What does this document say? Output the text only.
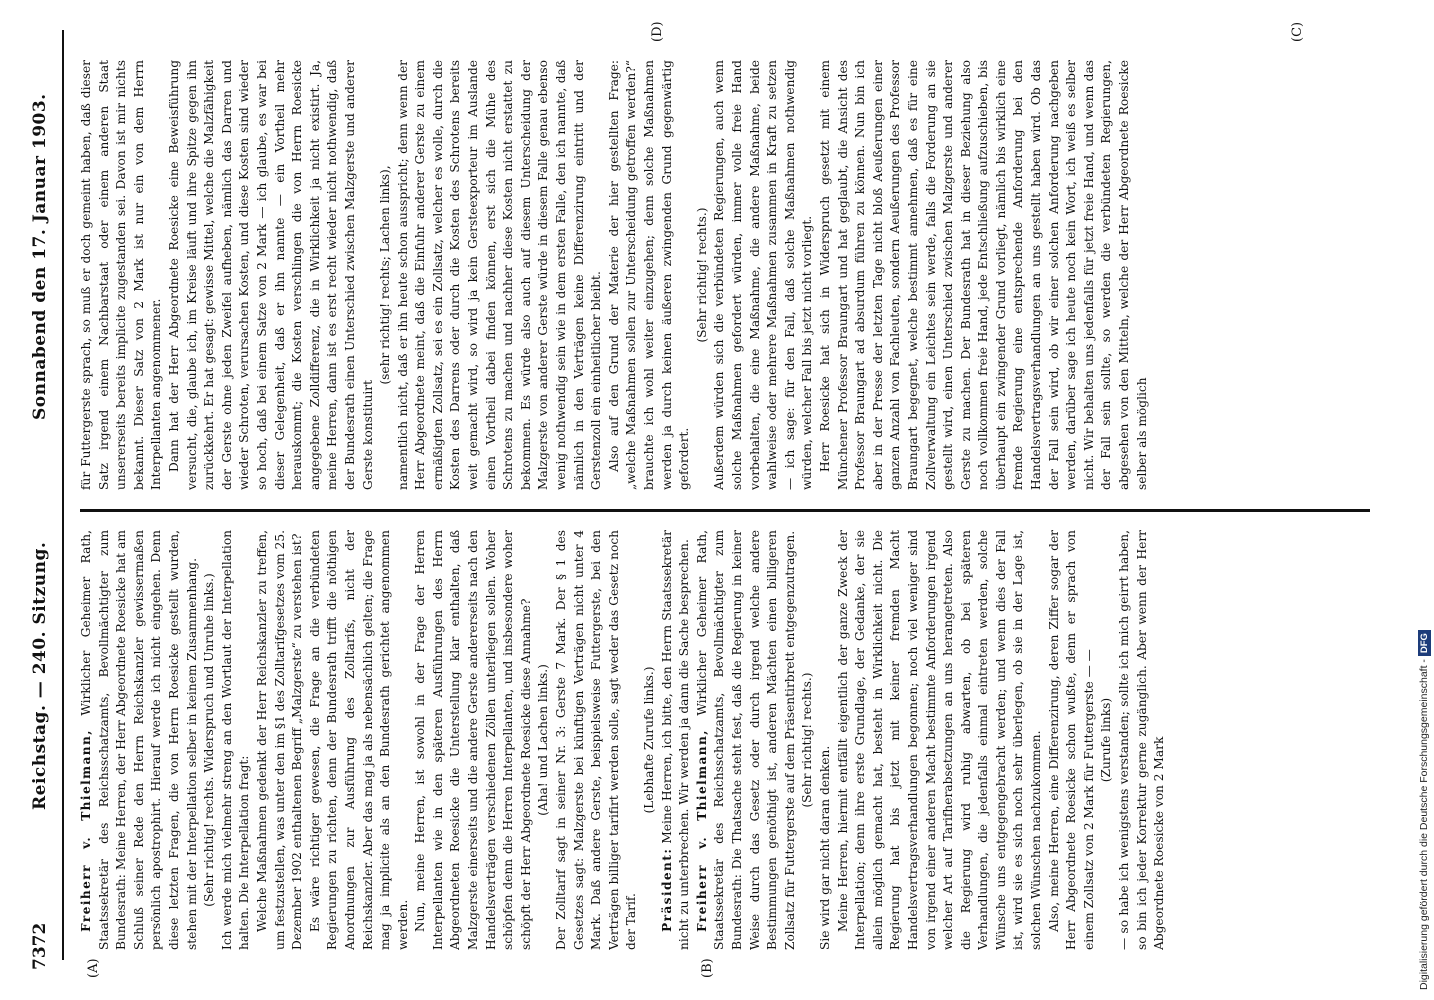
7372
Reichstag. — 240. Sitzung.
Sonnabend den 17. Januar 1903.
(A)	(B)
(C)
(D)

Freiherr v. Thielmann, Wirklicher Geheimer Rath, Staatssekretär des Reichsschatzamts, Bevollmächtigter zum Bundesrath: Meine Herren, der Herr Abgeordnete Roesicke hat am Schluß seiner Rede den Herrn Reichskanzler gewissermaßen persönlich apostrophirt. Hierauf werde ich nicht eingehen. Denn diese letzten Fragen, die von Herrn Roesicke gestellt wurden, stehen mit der Interpellation selber in keinem Zusammenhang. (Sehr richtig! rechts. Widerspruch und Unruhe links.) Ich werde mich vielmehr streng an den Wortlaut der Interpellation halten. Die Interpellation fragt: Welche Maßnahmen gedenkt der Herr Reichskanzler zu treffen, um festzustellen, was unter den im §1 des Zolltarifgesetzes vom 25. Dezember 1902 enthaltenen Begriff „Malzgerste“ zu verstehen ist? Es wäre richtiger gewesen, die Frage an die verbündeten Regierungen zu richten, denn der Bundesrath trifft die nöthigen Anordnungen zur Ausführung des Zolltarifs, nicht der Reichskanzler. Aber das mag ja als nebensächlich gelten; die Frage mag ja implicite als an den Bundesrath gerichtet angenommen werden. Nun, meine Herren, ist sowohl in der Frage der Herren Interpellanten wie in den späteren Ausführungen des Herrn Abgeordneten Roesicke die Unterstellung klar enthalten, daß Malzgerste einerseits und die andere Gerste andererseits nach den Handelsverträgen verschiedenen Zöllen unterliegen sollen. Woher schöpfen denn die Herren Interpellanten, und insbesondere woher schöpft der Herr Abgeordnete Roesicke diese Annahme? (Aha! und Lachen links.) Der Zolltarif sagt in seiner Nr. 3: Gerste 7 Mark. Der § 1 des Gesetzes sagt: Malzgerste bei künftigen Verträgen nicht unter 4 Mark. Daß andere Gerste, beispielsweise Futtergerste, bei den Verträgen billiger tarifirt werden solle, sagt weder das Gesetz noch der Tarif.

(Lebhafte Zurufe links.)

Präsident: Meine Herren, ich bitte, den Herrn Staatssekretär nicht zu unterbrechen. Wir werden ja dann die Sache besprechen. Freiherr v. Thielmann, Wirklicher Geheimer Rath, Staatssekretär des Reichsschatzamts, Bevollmächtigter zum Bundesrath: Die Thatsache steht fest, daß die Regierung in keiner Weise durch das Gesetz oder durch irgend welche andere Bestimmungen genöthigt ist, anderen Mächten einen billigeren Zollsatz für Futtergerste auf dem Präsentirbrett entgegenzutragen. (Sehr richtig! rechts.)

Sie wird gar nicht daran denken. Meine Herren, hiermit entfällt eigentlich der ganze Zweck der Interpellation; denn ihre erste Grundlage, der Gedanke, der sie allein möglich gemacht hat, besteht in Wirklichkeit nicht. Die Regierung hat bis jetzt mit keiner fremden Macht Handelsvertragsverhandlungen begonnen; noch viel weniger sind von irgend einer anderen Macht bestimmte Anforderungen irgend welcher Art auf Tarifherabsetzungen an uns herangetreten. Also die Regierung wird ruhig abwarten, ob bei späteren Verhandlungen, die jedenfalls einmal eintreten werden, solche Wünsche uns entgegengebracht werden; und wenn dies der Fall ist, wird sie es sich noch sehr überlegen, ob sie in der Lage ist, solchen Wünschen nachzukommen. Also, meine Herren, eine Differenzirung, deren Ziffer sogar der Herr Abgeordnete Roesicke schon wußte, denn er sprach von einem Zollsatz von 2 Mark für Futtergerste — — (Zurufe links) — so habe ich wenigstens verstanden; sollte ich mich geirrt haben, so bin ich jeder Korrektur gerne zugänglich. Aber wenn der Herr Abgeordnete Roesicke von 2 Mark

für Futtergerste sprach, so muß er doch gemeint haben, daß dieser Satz irgend einem Nachbarstaat oder einem anderen Staat unsererseits bereits implicite zugestanden sei. Davon ist mir nichts bekannt. Dieser Satz von 2 Mark ist nur ein von dem Herrn Interpellanten angenommener. Dann hat der Herr Abgeordnete Roesicke eine Beweisführung versucht, die, glaube ich, im Kreise läuft und ihre Spitze gegen ihn zurückkehrt. Er hat gesagt: gewisse Mittel, welche die Malzfähigkeit der Gerste ohne jeden Zweifel aufheben, nämlich das Darren und wieder Schroten, verursachen Kosten, und diese Kosten sind wieder so hoch, daß bei einem Satze von 2 Mark — ich glaube, es war bei dieser Gelegenheit, daß er ihn nannte — ein Vortheil mehr herauskommt; die Kosten verschlingen die von Herrn Roesicke angegebene Zolldifferenz, die in Wirklichkeit ja nicht existirt. Ja, meine Herren, dann ist es erst recht wieder nicht nothwendig, daß der Bundesrath einen Unterschied zwischen Malzgerste und anderer Gerste konstituirt

(sehr richtig! rechts; Lachen links), namentlich nicht, daß er ihn heute schon ausspricht; denn wenn der Herr Abgeordnete meint, daß die Einfuhr anderer Gerste zu einem ermäßigten Zollsatz, sei es ein Zollsatz, welcher es wolle, durch die Kosten des Darrens oder durch die Kosten des Schrotens bereits weit gemacht wird, so wird ja kein Gersteexporteur im Auslande einen Vortheil dabei finden können, erst sich die Mühe des Schrotens zu machen und nachher diese Kosten nicht erstattet zu bekommen. Es würde also auch auf diesem Unterscheidung der Malzgerste von anderer Gerste würde in diesem Falle genau ebenso wenig nothwendig sein wie in dem ersten Falle, den ich nannte, daß nämlich in den Verträgen keine Differenzirung eintritt und der Gerstenzoll ein einheitlicher bleibt. Also auf den Grund der Materie der hier gestellten Frage: „welche Maßnahmen sollen zur Unterscheidung getroffen werden?“ brauchte ich wohl weiter einzugehen; denn solche Maßnahmen werden ja durch keinen äußeren zwingenden Grund gegenwärtig gefordert.

(Sehr richtig! rechts.) Außerdem würden sich die verbündeten Regierungen, auch wenn solche Maßnahmen gefordert würden, immer volle freie Hand vorbehalten, die eine Maßnahme, die andere Maßnahme, beide wahlweise oder mehrere Maßnahmen zusammen in Kraft zu setzen — ich sage: für den Fall, daß solche Maßnahmen nothwendig würden, welcher Fall bis jetzt nicht vorliegt. Herr Roesicke hat sich in Widerspruch gesetzt mit einem Münchener Professor Braungart und hat geglaubt, die Ansicht des Professor Braungart ad absurdum führen zu können. Nun bin ich aber in der Presse der letzten Tage nicht bloß Aeußerungen einer ganzen Anzahl von Fachleuten, sondern Aeußerungen des Professor Braungart begegnet, welche bestimmt annehmen, daß es für eine Zollverwaltung ein Leichtes sein werde, falls die Forderung an sie gestellt wird, einen Unterschied zwischen Malzgerste und anderer Gerste zu machen. Der Bundesrath hat in dieser Beziehung also noch vollkommen freie Hand, jede Entschließung aufzuschieben, bis überhaupt ein zwingender Grund vorliegt, nämlich bis wirklich eine fremde Regierung eine entsprechende Anforderung bei den Handelsvertragsverhandlungen an uns gestellt haben wird. Ob das der Fall sein wird, ob wir einer solchen Anforderung nachgeben werden, darüber sage ich heute noch kein Wort, ich weiß es selber nicht. Wir behalten uns jedenfalls für jetzt freie Hand, und wenn das der Fall sein sollte, so werden die verbündeten Regierungen, abgesehen von den Mitteln, welche der Herr Abgeordnete Roesicke selber als möglich

Digitalisierung gefördert durch die Deutsche Forschungsgemeinschaft - DFG
